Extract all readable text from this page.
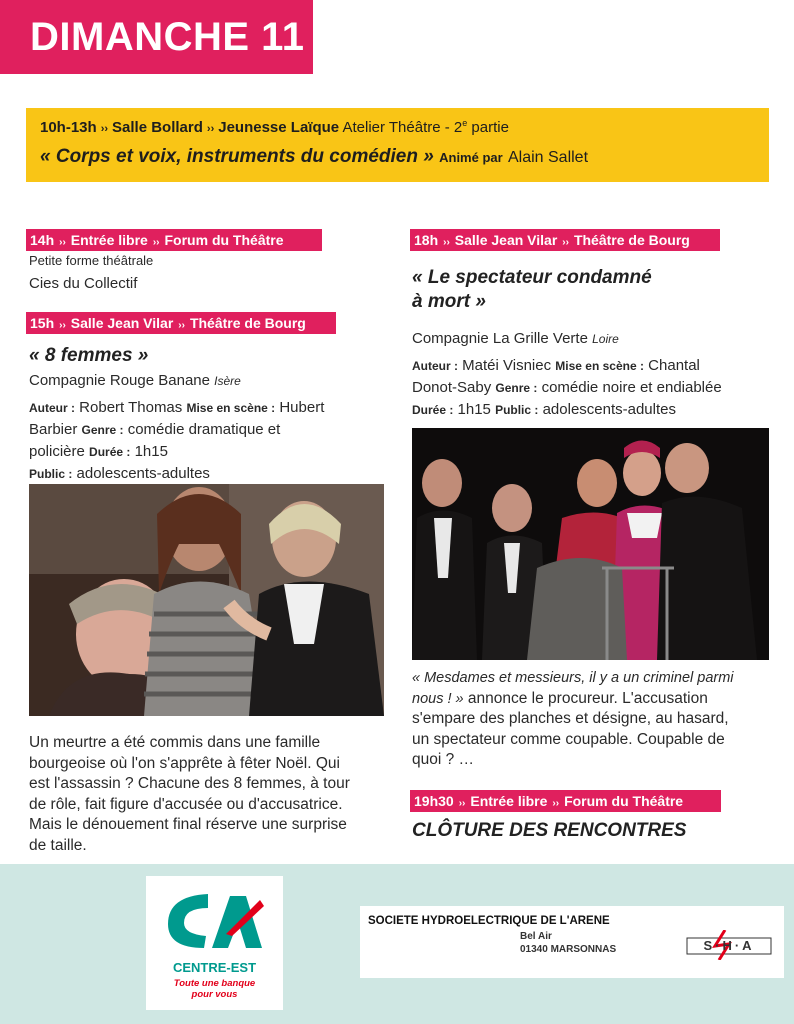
DIMANCHE 11
10h-13h ›› Salle Bollard ›› Jeunesse Laïque Atelier Théâtre - 2e partie
« Corps et voix, instruments du comédien » Animé par Alain Sallet
14h ›› Entrée libre ›› Forum du Théâtre
Petite forme théâtrale
Cies du Collectif
15h ›› Salle Jean Vilar ›› Théâtre de Bourg
« 8 femmes »
Compagnie Rouge Banane Isère
Auteur : Robert Thomas Mise en scène : Hubert
Barbier Genre : comédie dramatique et
policière Durée : 1h15
Public : adolescents-adultes
Un meurtre a été commis dans une famille
bourgeoise où l'on s'apprête à fêter Noël. Qui
est l'assassin ? Chacune des 8 femmes, à tour
de rôle, fait figure d'accusée ou d'accusatrice.
Mais le dénouement final réserve une surprise
de taille.
18h ›› Salle Jean Vilar ›› Théâtre de Bourg
« Le spectateur condamné
à mort »
Compagnie La Grille Verte Loire
Auteur : Matéi Visniec Mise en scène : Chantal
Donot-Saby Genre : comédie noire et endiablée
Durée : 1h15 Public : adolescents-adultes
« Mesdames et messieurs, il y a un criminel parmi
nous ! » annonce le procureur. L'accusation
s'empare des planches et désigne, au hasard,
un spectateur comme coupable. Coupable de
quoi ? …
19h30 ›› Entrée libre ›› Forum du Théâtre
CLÔTURE DES RENCONTRES
CENTRE-EST
Toute une banque
pour vous
SOCIETE HYDROELECTRIQUE DE L'ARENE
Bel Air
01340 MARSONNAS	S·H·A
